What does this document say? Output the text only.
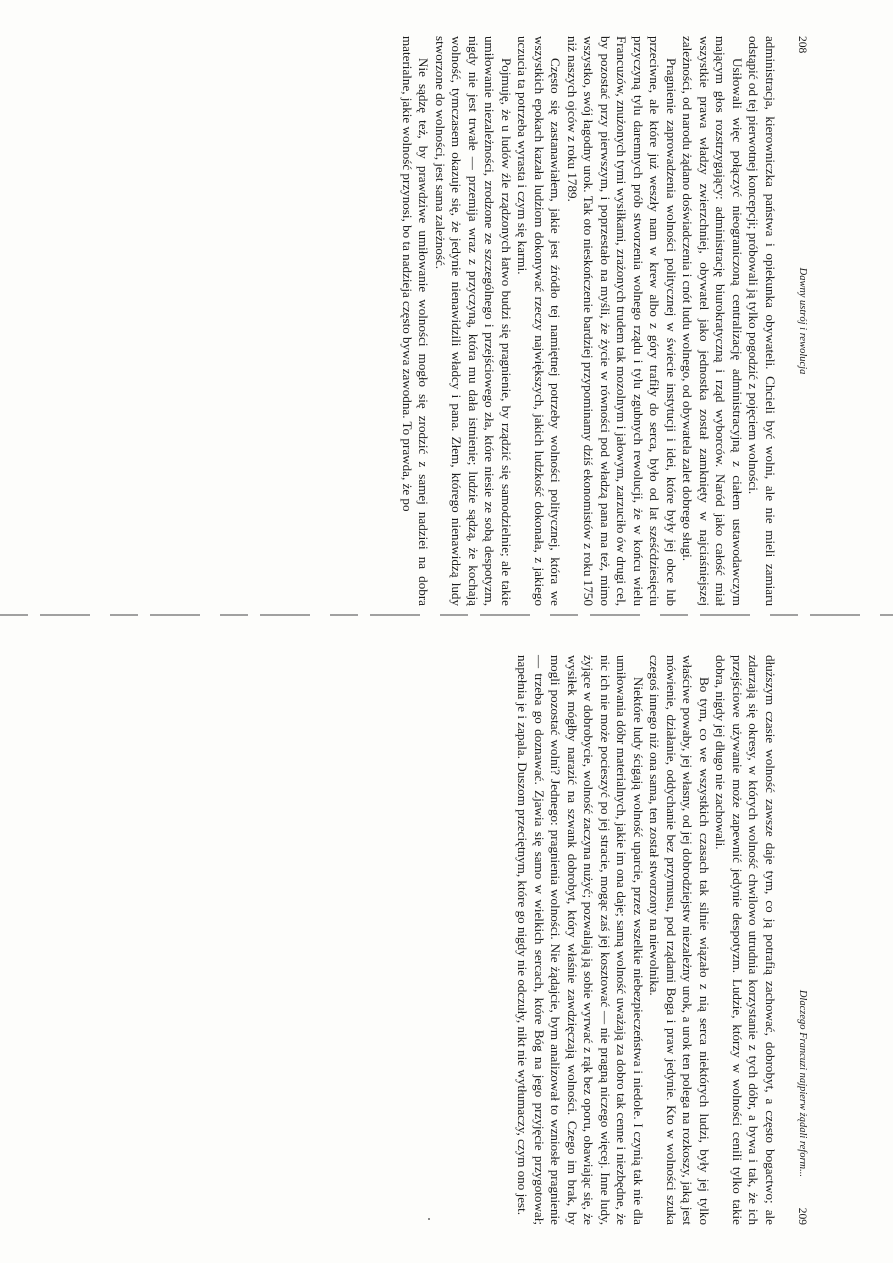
208
Dawny ustrój i rewolucja

administracja, kierowniczka państwa i opiekunka obywateli. Chcieli być wolni, ale nie mieli zamiaru odstąpić od tej pierwotnej koncepcji; próbowali ją tylko pogodzić z pojęciem wolności.

Usiłowali więc połączyć nieograniczoną centralizację administracyjną z ciałem ustawodawczym mającym głos rozstrzygający: administrację biurokratyczną i rząd wyborców. Naród jako całość miał wszystkie prawa władzy zwierzchniej, obywatel jako jednostka został zamknięty w najciaśniejszej zależności, od narodu żądano doświadczenia i cnót ludu wolnego, od obywatela zalet dobrego sługi.

Pragnienie zaprowadzenia wolności politycznej w świecie instytucji i idei, które były jej obce lub przeciwne, ale które już weszły nam w krew albo z góry trafiły do serca, było od lat sześćdziesięciu przyczyną tylu daremnych prób stworzenia wolnego rządu i tylu zgubnych rewolucji, że w końcu wielu Francuzów, znużonych tymi wysiłkami, zrażonych trudem tak mozolnym i jałowym, zarzuciło ów drugi cel, by pozostać przy pierwszym, i poprzestało na myśli, że życie w równości pod władzą pana ma też, mimo wszystko, swój łagodny urok. Tak oto nieskończenie bardziej przypominamy dziś ekonomistów z roku 1750 niż naszych ojców z roku 1789.

Często się zastanawiałem, jakie jest źródło tej namiętnej potrzeby wolności politycznej, która we wszystkich epokach kazała ludziom dokonywać rzeczy największych, jakich ludzkość dokonała, z jakiego uczucia ta potrzeba wyrasta i czym się karmi.

Pojmuję, że u ludów źle rządzonych łatwo budzi się pragnienie, by rządzić się samodzielnie; ale takie umiłowanie niezależności, zrodzone ze szczególnego i przejściowego zła, które niesie ze sobą despotyzm, nigdy nie jest trwałe — przemija wraz z przyczyną, która mu dała istnienie; ludzie sądzą, że kochają wolność, tymczasem okazuje się, że jedynie nienawidzili władcy i pana. Złem, którego nienawidzą ludy stworzone do wolności, jest sama zależność.

Nie sądzę też, by prawdziwe umiłowanie wolności mogło się zrodzić z samej nadziei na dobra materialne, jakie wolność przynosi, bo ta nadzieja często bywa zawodna. To prawda, że po

Dlaczego Francuzi najpierw żądali reform...
209

dłuższym czasie wolność zawsze daje tym, co ją potrafią zachować, dobrobyt, a często bogactwo; ale zdarzają się okresy, w których wolność chwilowo utrudnia korzystanie z tych dóbr, a bywa i tak, że ich przejściowe używanie może zapewnić jedynie despotyzm. Ludzie, którzy w wolności cenili tylko takie dobra, nigdy jej długo nie zachowali.

Bo tym, co we wszystkich czasach tak silnie wiązało z nią serca niektórych ludzi, były jej tylko właściwe powaby, jej własny, od jej dobrodziejstw niezależny urok, a urok ten polega na rozkoszy, jaką jest mówienie, działanie, oddychanie bez przymusu, pod rządami Boga i praw jedynie. Kto w wolności szuka czegoś innego niż ona sama, ten został stworzony na niewolnika.

Niektóre ludy ścigają wolność uparcie, przez wszelkie niebezpieczeństwa i niedole. I czynią tak nie dla umiłowania dóbr materialnych, jakie im ona daje; samą wolność uważają za dobro tak cenne i niezbędne, że nic ich nie może pocieszyć po jej stracie, mogąc zaś jej kosztować — nie pragną niczego więcej. Inne ludy, żyjące w dobrobycie, wolność zaczyna nużyć; pozwalają ją sobie wyrwać z rąk bez oporu, obawiając się, że wysiłek mógłby narazić na szwank dobrobyt, który właśnie zawdzięczają wolności. Czego im brak, by mogli pozostać wolni? Jednego: pragnienia wolności. Nie żądajcie, bym analizował to wzniosłe pragnienie — trzeba go doznawać. Zjawia się samo w wielkich sercach, które Bóg na jego przyjęcie przygotował; napełnia je i zapala. Duszom przeciętnym, które go nigdy nie odczuły, nikt nie wytłumaczy, czym ono jest.
